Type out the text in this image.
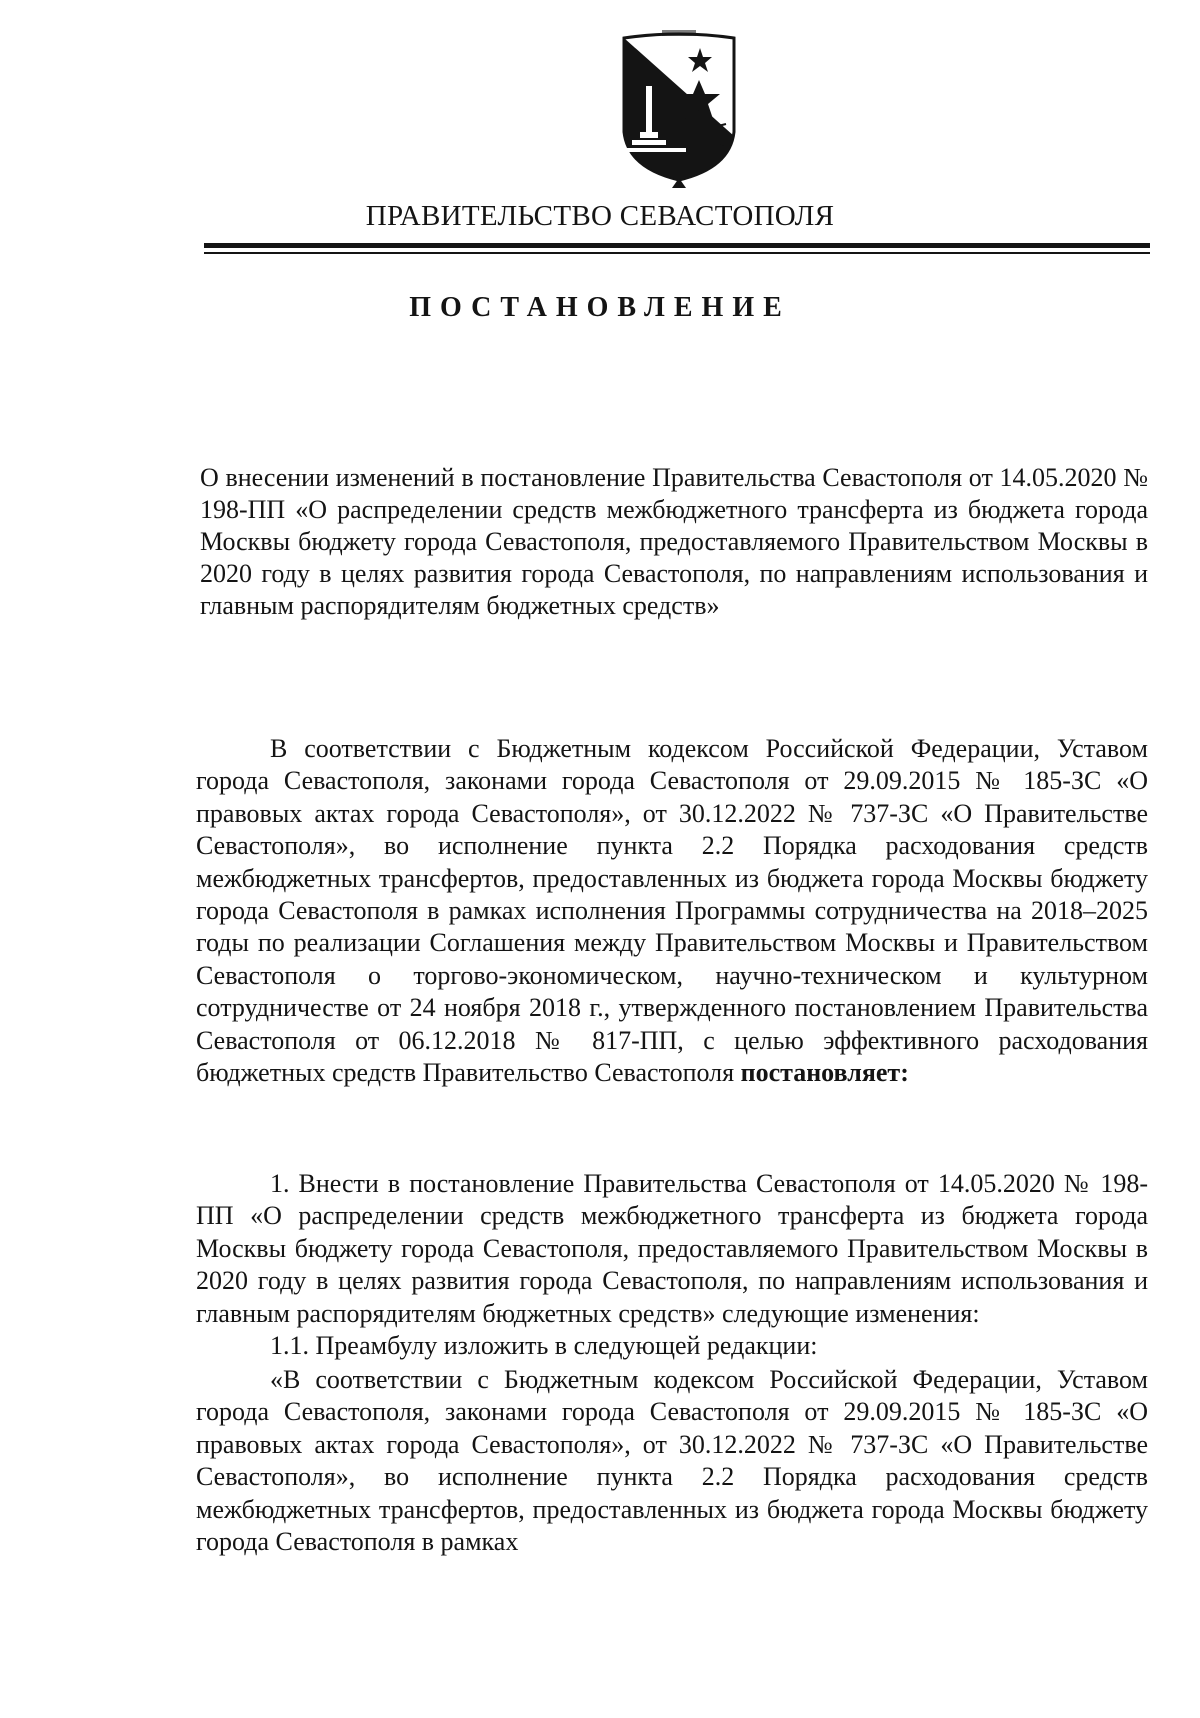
ПРАВИТЕЛЬСТВО СЕВАСТОПОЛЯ
ПОСТАНОВЛЕНИЕ

О внесении изменений в постановление Правительства Севастополя от 14.05.2020 № 198-ПП «О распределении средств межбюджетного трансферта из бюджета города Москвы бюджету города Севастополя, предоставляемого Правительством Москвы в 2020 году в целях развития города Севастополя, по направлениям использования и главным распорядителям бюджетных средств»

В соответствии с Бюджетным кодексом Российской Федерации, Уставом города Севастополя, законами города Севастополя от 29.09.2015 № 185-ЗС «О правовых актах города Севастополя», от 30.12.2022 № 737-ЗС «О Правительстве Севастополя», во исполнение пункта 2.2 Порядка расходования средств межбюджетных трансфертов, предоставленных из бюджета города Москвы бюджету города Севастополя в рамках исполнения Программы сотрудничества на 2018–2025 годы по реализации Соглашения между Правительством Москвы и Правительством Севастополя о торгово-экономическом, научно-техническом и культурном сотрудничестве от 24 ноября 2018 г., утвержденного постановлением Правительства Севастополя от 06.12.2018 № 817-ПП, с целью эффективного расходования бюджетных средств Правительство Севастополя постановляет:

1. Внести в постановление Правительства Севастополя от 14.05.2020 № 198-ПП «О распределении средств межбюджетного трансферта из бюджета города Москвы бюджету города Севастополя, предоставляемого Правительством Москвы в 2020 году в целях развития города Севастополя, по направлениям использования и главным распорядителям бюджетных средств» следующие изменения:

1.1. Преамбулу изложить в следующей редакции:

«В соответствии с Бюджетным кодексом Российской Федерации, Уставом города Севастополя, законами города Севастополя от 29.09.2015 № 185-ЗС «О правовых актах города Севастополя», от 30.12.2022 № 737-ЗС «О Правительстве Севастополя», во исполнение пункта 2.2 Порядка расходования средств межбюджетных трансфертов, предоставленных из бюджета города Москвы бюджету города Севастополя в рамках
